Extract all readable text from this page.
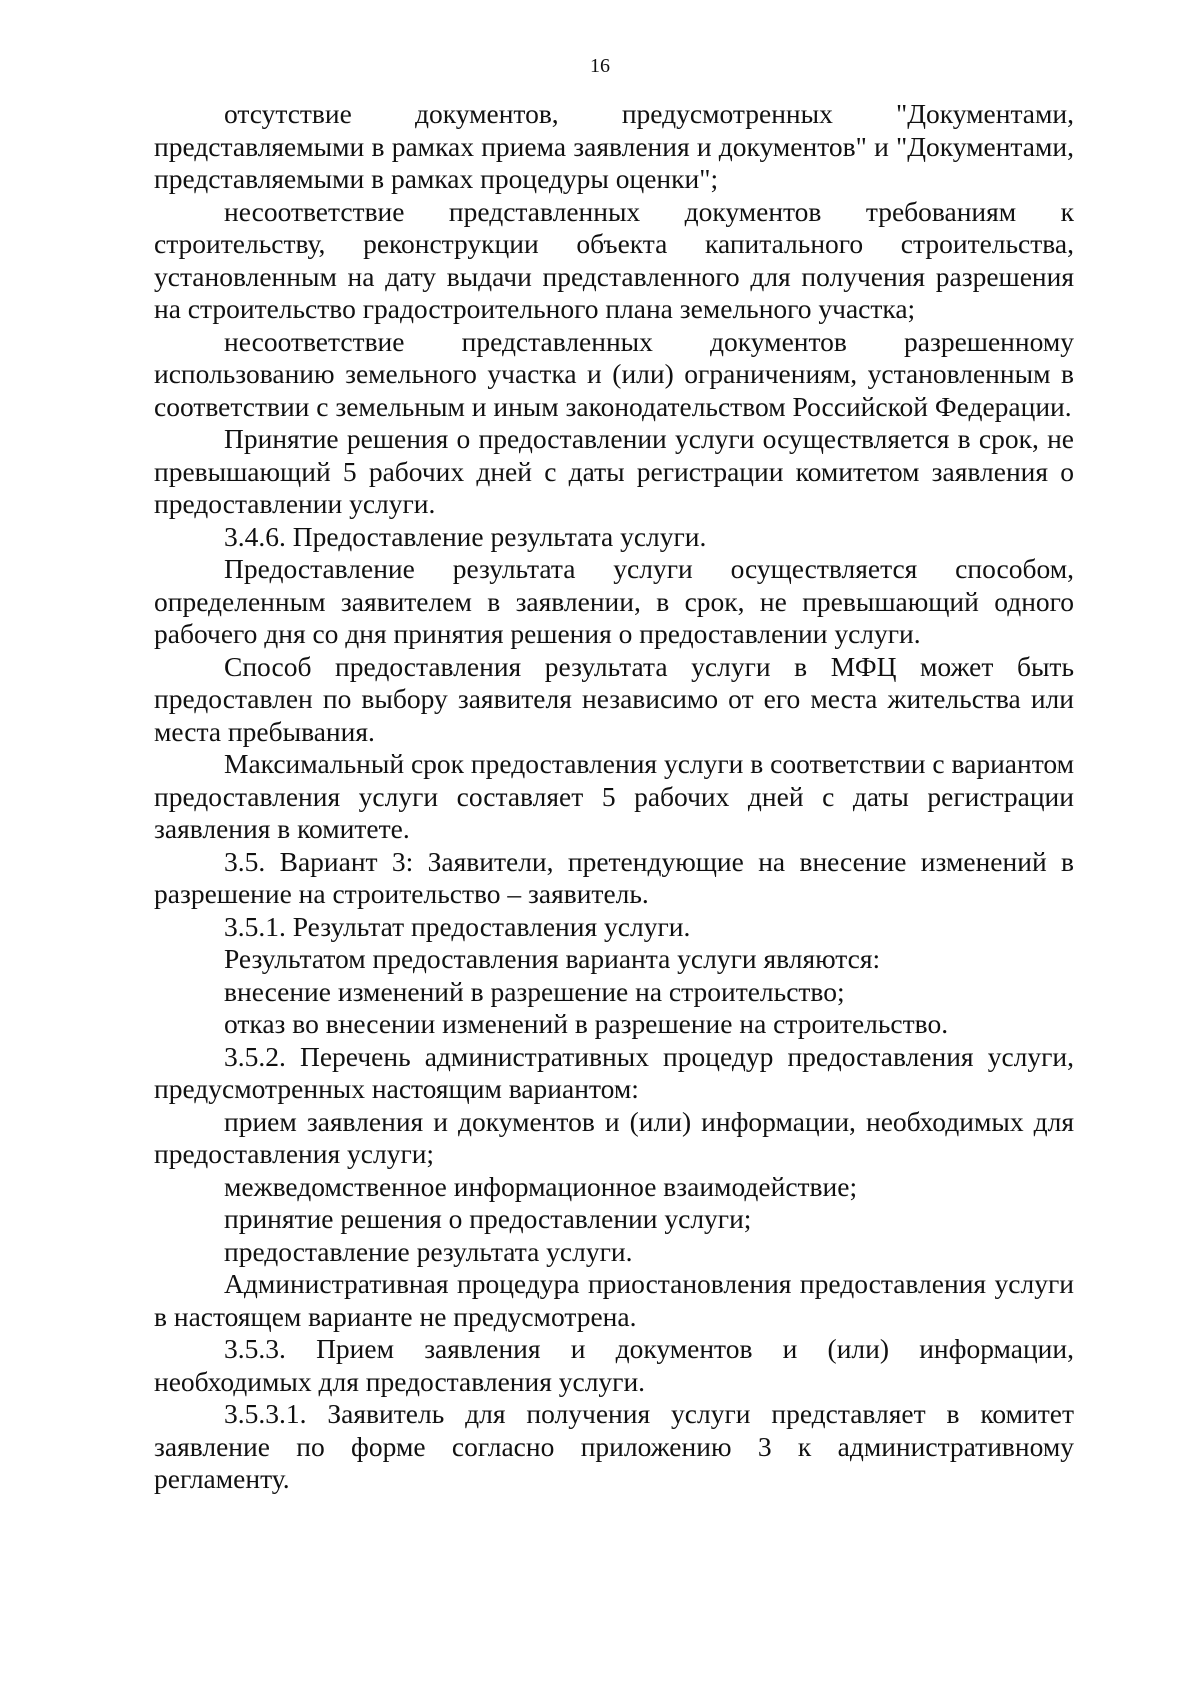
16

отсутствие документов, предусмотренных "Документами, представляемыми в рамках приема заявления и документов" и "Документами, представляемыми в рамках процедуры оценки";

несоответствие представленных документов требованиям к строительству, реконструкции объекта капитального строительства, установленным на дату выдачи представленного для получения разрешения на строительство градостроительного плана земельного участка;

несоответствие представленных документов разрешенному использованию земельного участка и (или) ограничениям, установленным в соответствии с земельным и иным законодательством Российской Федерации.

Принятие решения о предоставлении услуги осуществляется в срок, не превышающий 5 рабочих дней с даты регистрации комитетом заявления о предоставлении услуги.

3.4.6. Предоставление результата услуги.

Предоставление результата услуги осуществляется способом, определенным заявителем в заявлении, в срок, не превышающий одного рабочего дня со дня принятия решения о предоставлении услуги.

Способ предоставления результата услуги в МФЦ может быть предоставлен по выбору заявителя независимо от его места жительства или места пребывания.

Максимальный срок предоставления услуги в соответствии с вариантом предоставления услуги составляет 5 рабочих дней с даты регистрации заявления в комитете.

3.5. Вариант 3: Заявители, претендующие на внесение изменений в разрешение на строительство – заявитель.

3.5.1. Результат предоставления услуги.

Результатом предоставления варианта услуги являются:

внесение изменений в разрешение на строительство;

отказ во внесении изменений в разрешение на строительство.

3.5.2. Перечень административных процедур предоставления услуги, предусмотренных настоящим вариантом:

прием заявления и документов и (или) информации, необходимых для предоставления услуги;

межведомственное информационное взаимодействие;

принятие решения о предоставлении услуги;

предоставление результата услуги.

Административная процедура приостановления предоставления услуги в настоящем варианте не предусмотрена.

3.5.3. Прием заявления и документов и (или) информации, необходимых для предоставления услуги.

3.5.3.1. Заявитель для получения услуги представляет в комитет заявление по форме согласно приложению 3 к административному регламенту.
